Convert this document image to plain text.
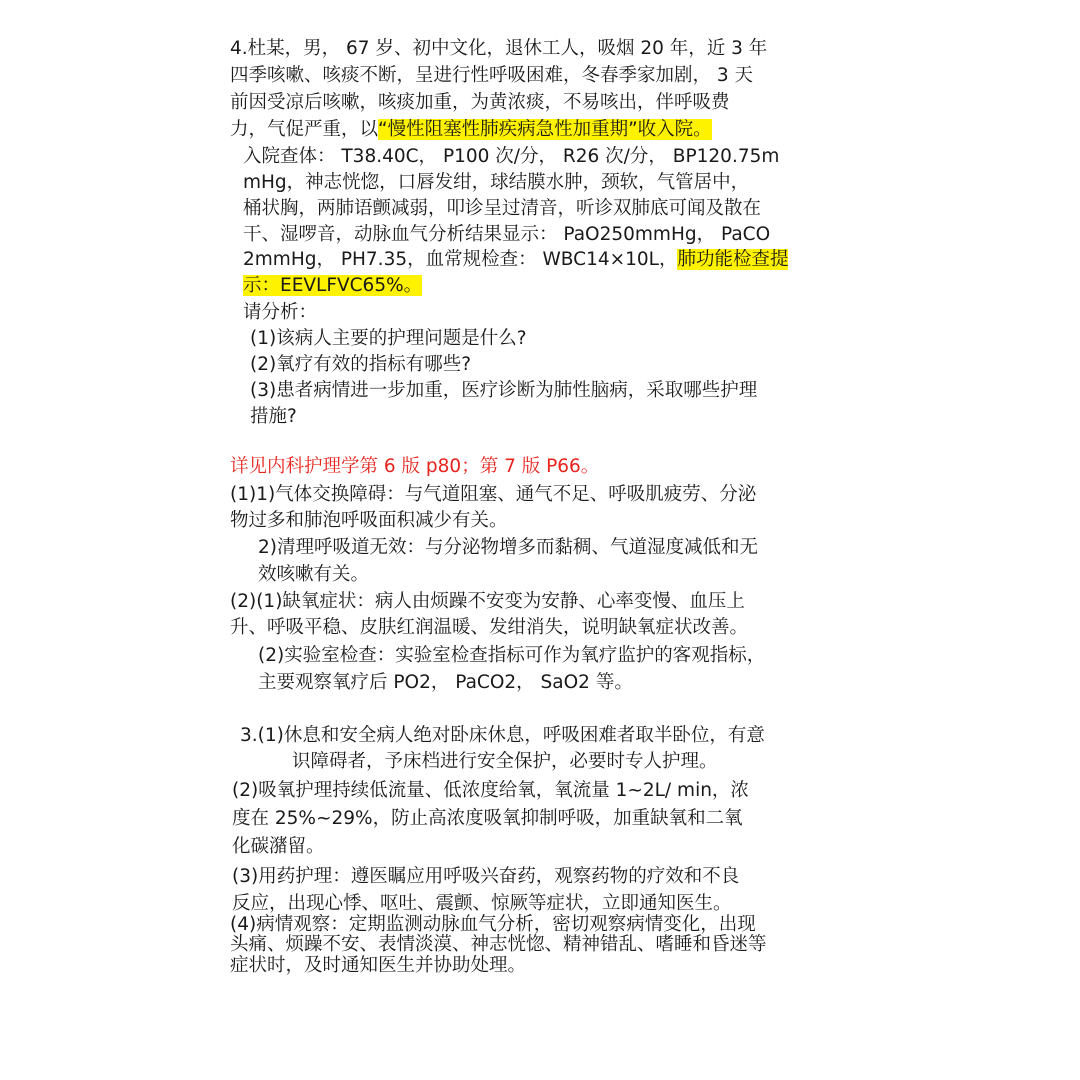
4.杜某，男， 67 岁、初中文化，退休工人，吸烟 20 年，近 3 年
四季咳嗽、咳痰不断，呈进行性呼吸困难，冬春季家加剧， 3 天
前因受凉后咳嗽，咳痰加重，为黄浓痰，不易咳出，伴呼吸费
力，气促严重，以“慢性阻塞性肺疾病急性加重期”收入院。
入院查体： T38.40C， P100 次/分， R26 次/分， BP120.75m
mHg，神志恍惚，口唇发绀，球结膜水肿，颈软，气管居中，
桶状胸，两肺语颤减弱，叩诊呈过清音，听诊双肺底可闻及散在
干、湿啰音，动脉血气分析结果显示： PaO250mmHg， PaCO
2mmHg， PH7.35，血常规检查： WBC14×10L，肺功能检查提
示：EEVLFVC65%。
请分析：
(1)该病人主要的护理问题是什么?
(2)氧疗有效的指标有哪些?
(3)患者病情进一步加重，医疗诊断为肺性脑病，采取哪些护理
措施?
详见内科护理学第 6 版 p80；第 7 版 P66。
(1)1)气体交换障碍：与气道阻塞、通气不足、呼吸肌疲劳、分泌
物过多和肺泡呼吸面积减少有关。
2)清理呼吸道无效：与分泌物增多而黏稠、气道湿度减低和无
效咳嗽有关。
(2)(1)缺氧症状：病人由烦躁不安变为安静、心率变慢、血压上
升、呼吸平稳、皮肤红润温暖、发绀消失，说明缺氧症状改善。
(2)实验室检查：实验室检查指标可作为氧疗监护的客观指标，
主要观察氧疗后 PO2， PaCO2， SaO2 等。
3.(1)休息和安全病人绝对卧床休息，呼吸困难者取半卧位，有意
识障碍者，予床档进行安全保护，必要时专人护理。
(2)吸氧护理持续低流量、低浓度给氧，氧流量 1~2L/ min，浓
度在 25%~29%，防止高浓度吸氧抑制呼吸，加重缺氧和二氧
化碳潴留。
(3)用药护理：遵医瞩应用呼吸兴奋药，观察药物的疗效和不良
反应，出现心悸、呕吐、震颤、惊厥等症状，立即通知医生。
(4)病情观察：定期监测动脉血气分析，密切观察病情变化，出现
头痛、烦躁不安、表情淡漠、神志恍惚、精神错乱、嗜睡和昏迷等
症状时，及时通知医生并协助处理。
